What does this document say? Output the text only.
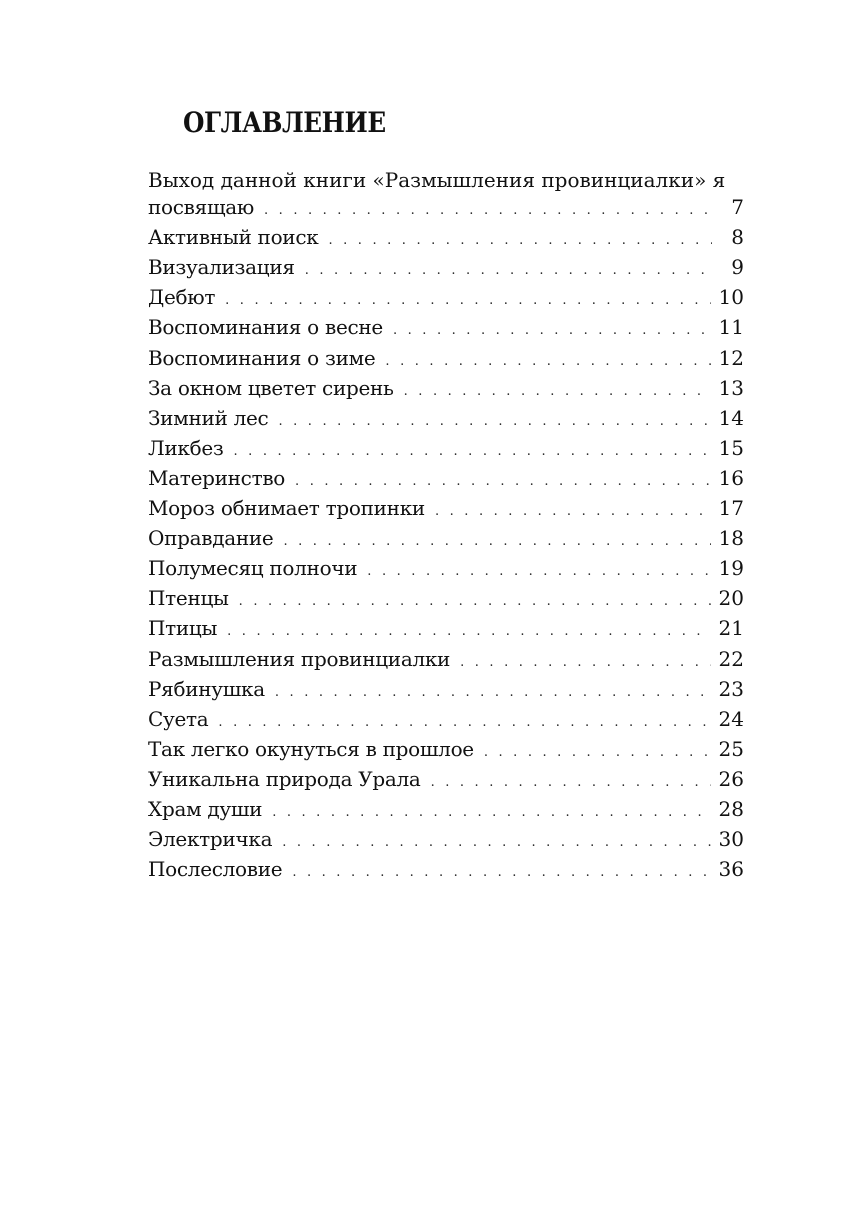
ОГЛАВЛЕНИЕ
Выход данной книги «Размышления провинциалки» я
посвящаю . . .	7
Активный поиск . . .	8
Визуализация . . .	9
Дебют . . .	10
Воспоминания о весне . . .	11
Воспоминания о зиме . . .	12
За окном цветет сирень . . .	13
Зимний лес . . .	14
Ликбез . . .	15
Материнство . . .	16
Мороз обнимает тропинки . . .	17
Оправдание . . .	18
Полумесяц полночи . . .	19
Птенцы . . .	20
Птицы . . .	21
Размышления провинциалки . . .	22
Рябинушка . . .	23
Суета . . .	24
Так легко окунуться в прошлое . . .	25
Уникальна природа Урала . . .	26
Храм души . . .	28
Электричка . . .	30
Послесловие . . .	36
